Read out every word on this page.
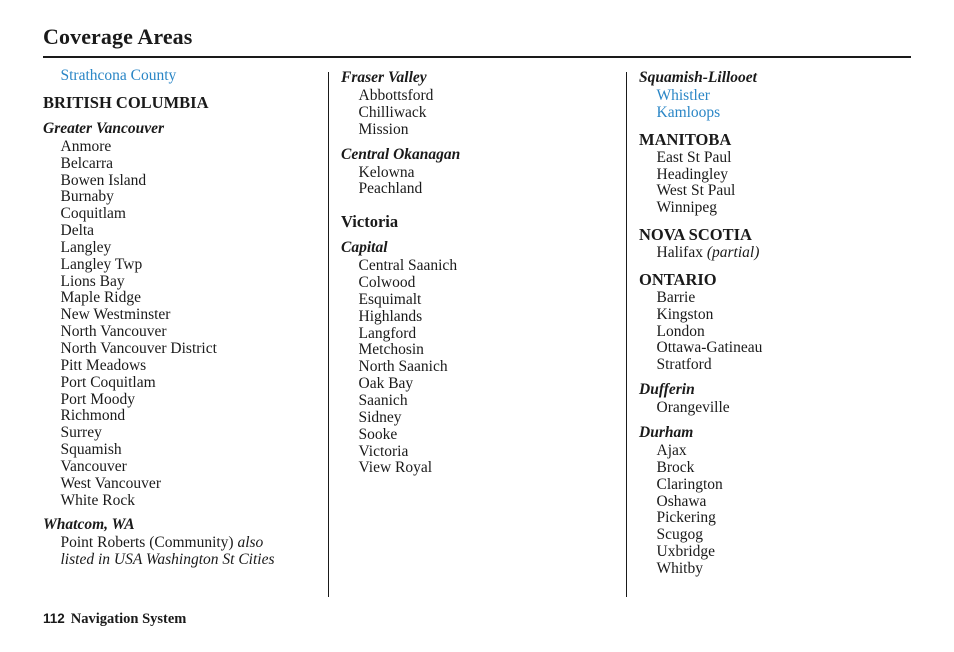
Coverage Areas
Strathcona County
BRITISH COLUMBIA
Greater Vancouver
Anmore
Belcarra
Bowen Island
Burnaby
Coquitlam
Delta
Langley
Langley Twp
Lions Bay
Maple Ridge
New Westminster
North Vancouver
North Vancouver District
Pitt Meadows
Port Coquitlam
Port Moody
Richmond
Surrey
Squamish
Vancouver
West Vancouver
White Rock
Whatcom, WA
Point Roberts (Community) also
listed in USA Washington St Cities
Fraser Valley
Abbottsford
Chilliwack
Mission
Central Okanagan
Kelowna
Peachland
Victoria
Capital
Central Saanich
Colwood
Esquimalt
Highlands
Langford
Metchosin
North Saanich
Oak Bay
Saanich
Sidney
Sooke
Victoria
View Royal
Squamish-Lillooet
Whistler
Kamloops
MANITOBA
East St Paul
Headingley
West St Paul
Winnipeg
NOVA SCOTIA
Halifax (partial)
ONTARIO
Barrie
Kingston
London
Ottawa-Gatineau
Stratford
Dufferin
Orangeville
Durham
Ajax
Brock
Clarington
Oshawa
Pickering
Scugog
Uxbridge
Whitby
112 Navigation System
